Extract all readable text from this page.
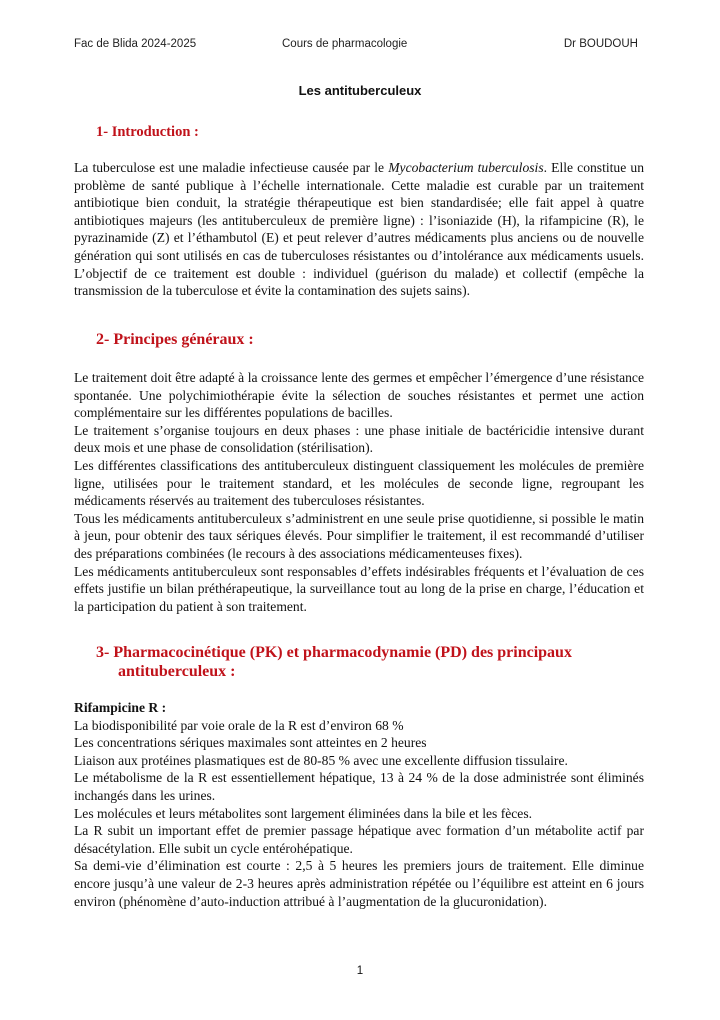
Fac de Blida 2024-2025	Cours de pharmacologie	Dr BOUDOUH
Les antituberculeux
1- Introduction :

La tuberculose est une maladie infectieuse causée par le Mycobacterium tuberculosis. Elle constitue un problème de santé publique à l’échelle internationale. Cette maladie est curable par un traitement antibiotique bien conduit, la stratégie thérapeutique est bien standardisée; elle fait appel à quatre antibiotiques majeurs (les antituberculeux de première ligne) : l’isoniazide (H), la rifampicine (R), le pyrazinamide (Z) et l’éthambutol (E) et peut relever d’autres médicaments plus anciens ou de nouvelle génération qui sont utilisés en cas de tuberculoses résistantes ou d’intolérance aux médicaments usuels. L’objectif de ce traitement est double : individuel (guérison du malade) et collectif (empêche la transmission de la tuberculose et évite la contamination des sujets sains).

2- Principes généraux :

Le traitement doit être adapté à la croissance lente des germes et empêcher l’émergence d’une résistance spontanée. Une polychimiothérapie évite la sélection de souches résistantes et permet une action complémentaire sur les différentes populations de bacilles.

Le traitement s’organise toujours en deux phases : une phase initiale de bactéricidie intensive durant deux mois et une phase de consolidation (stérilisation).

Les différentes classifications des antituberculeux distinguent classiquement les molécules de première ligne, utilisées pour le traitement standard, et les molécules de seconde ligne, regroupant les médicaments réservés au traitement des tuberculoses résistantes.

Tous les médicaments antituberculeux s’administrent en une seule prise quotidienne, si possible le matin à jeun, pour obtenir des taux sériques élevés. Pour simplifier le traitement, il est recommandé d’utiliser des préparations combinées (le recours à des associations médicamenteuses fixes).

Les médicaments antituberculeux sont responsables d’effets indésirables fréquents et l’évaluation de ces effets justifie un bilan préthérapeutique, la surveillance tout au long de la prise en charge, l’éducation et la participation du patient à son traitement.

3- Pharmacocinétique (PK) et pharmacodynamie (PD) des principaux
antituberculeux :

Rifampicine R :

La biodisponibilité par voie orale de la R est d’environ 68 %

Les concentrations sériques maximales sont atteintes en 2 heures

Liaison aux protéines plasmatiques est de 80-85 % avec une excellente diffusion tissulaire.

Le métabolisme de la R est essentiellement hépatique, 13 à 24 % de la dose administrée sont éliminés inchangés dans les urines.

Les molécules et leurs métabolites sont largement éliminées dans la bile et les fèces.

La R subit un important effet de premier passage hépatique avec formation d’un métabolite actif par désacétylation. Elle subit un cycle entérohépatique.

Sa demi-vie d’élimination est courte : 2,5 à 5 heures les premiers jours de traitement. Elle diminue encore jusqu’à une valeur de 2-3 heures après administration répétée ou l’équilibre est atteint en 6 jours environ (phénomène d’auto-induction attribué à l’augmentation de la glucuronidation).

1
